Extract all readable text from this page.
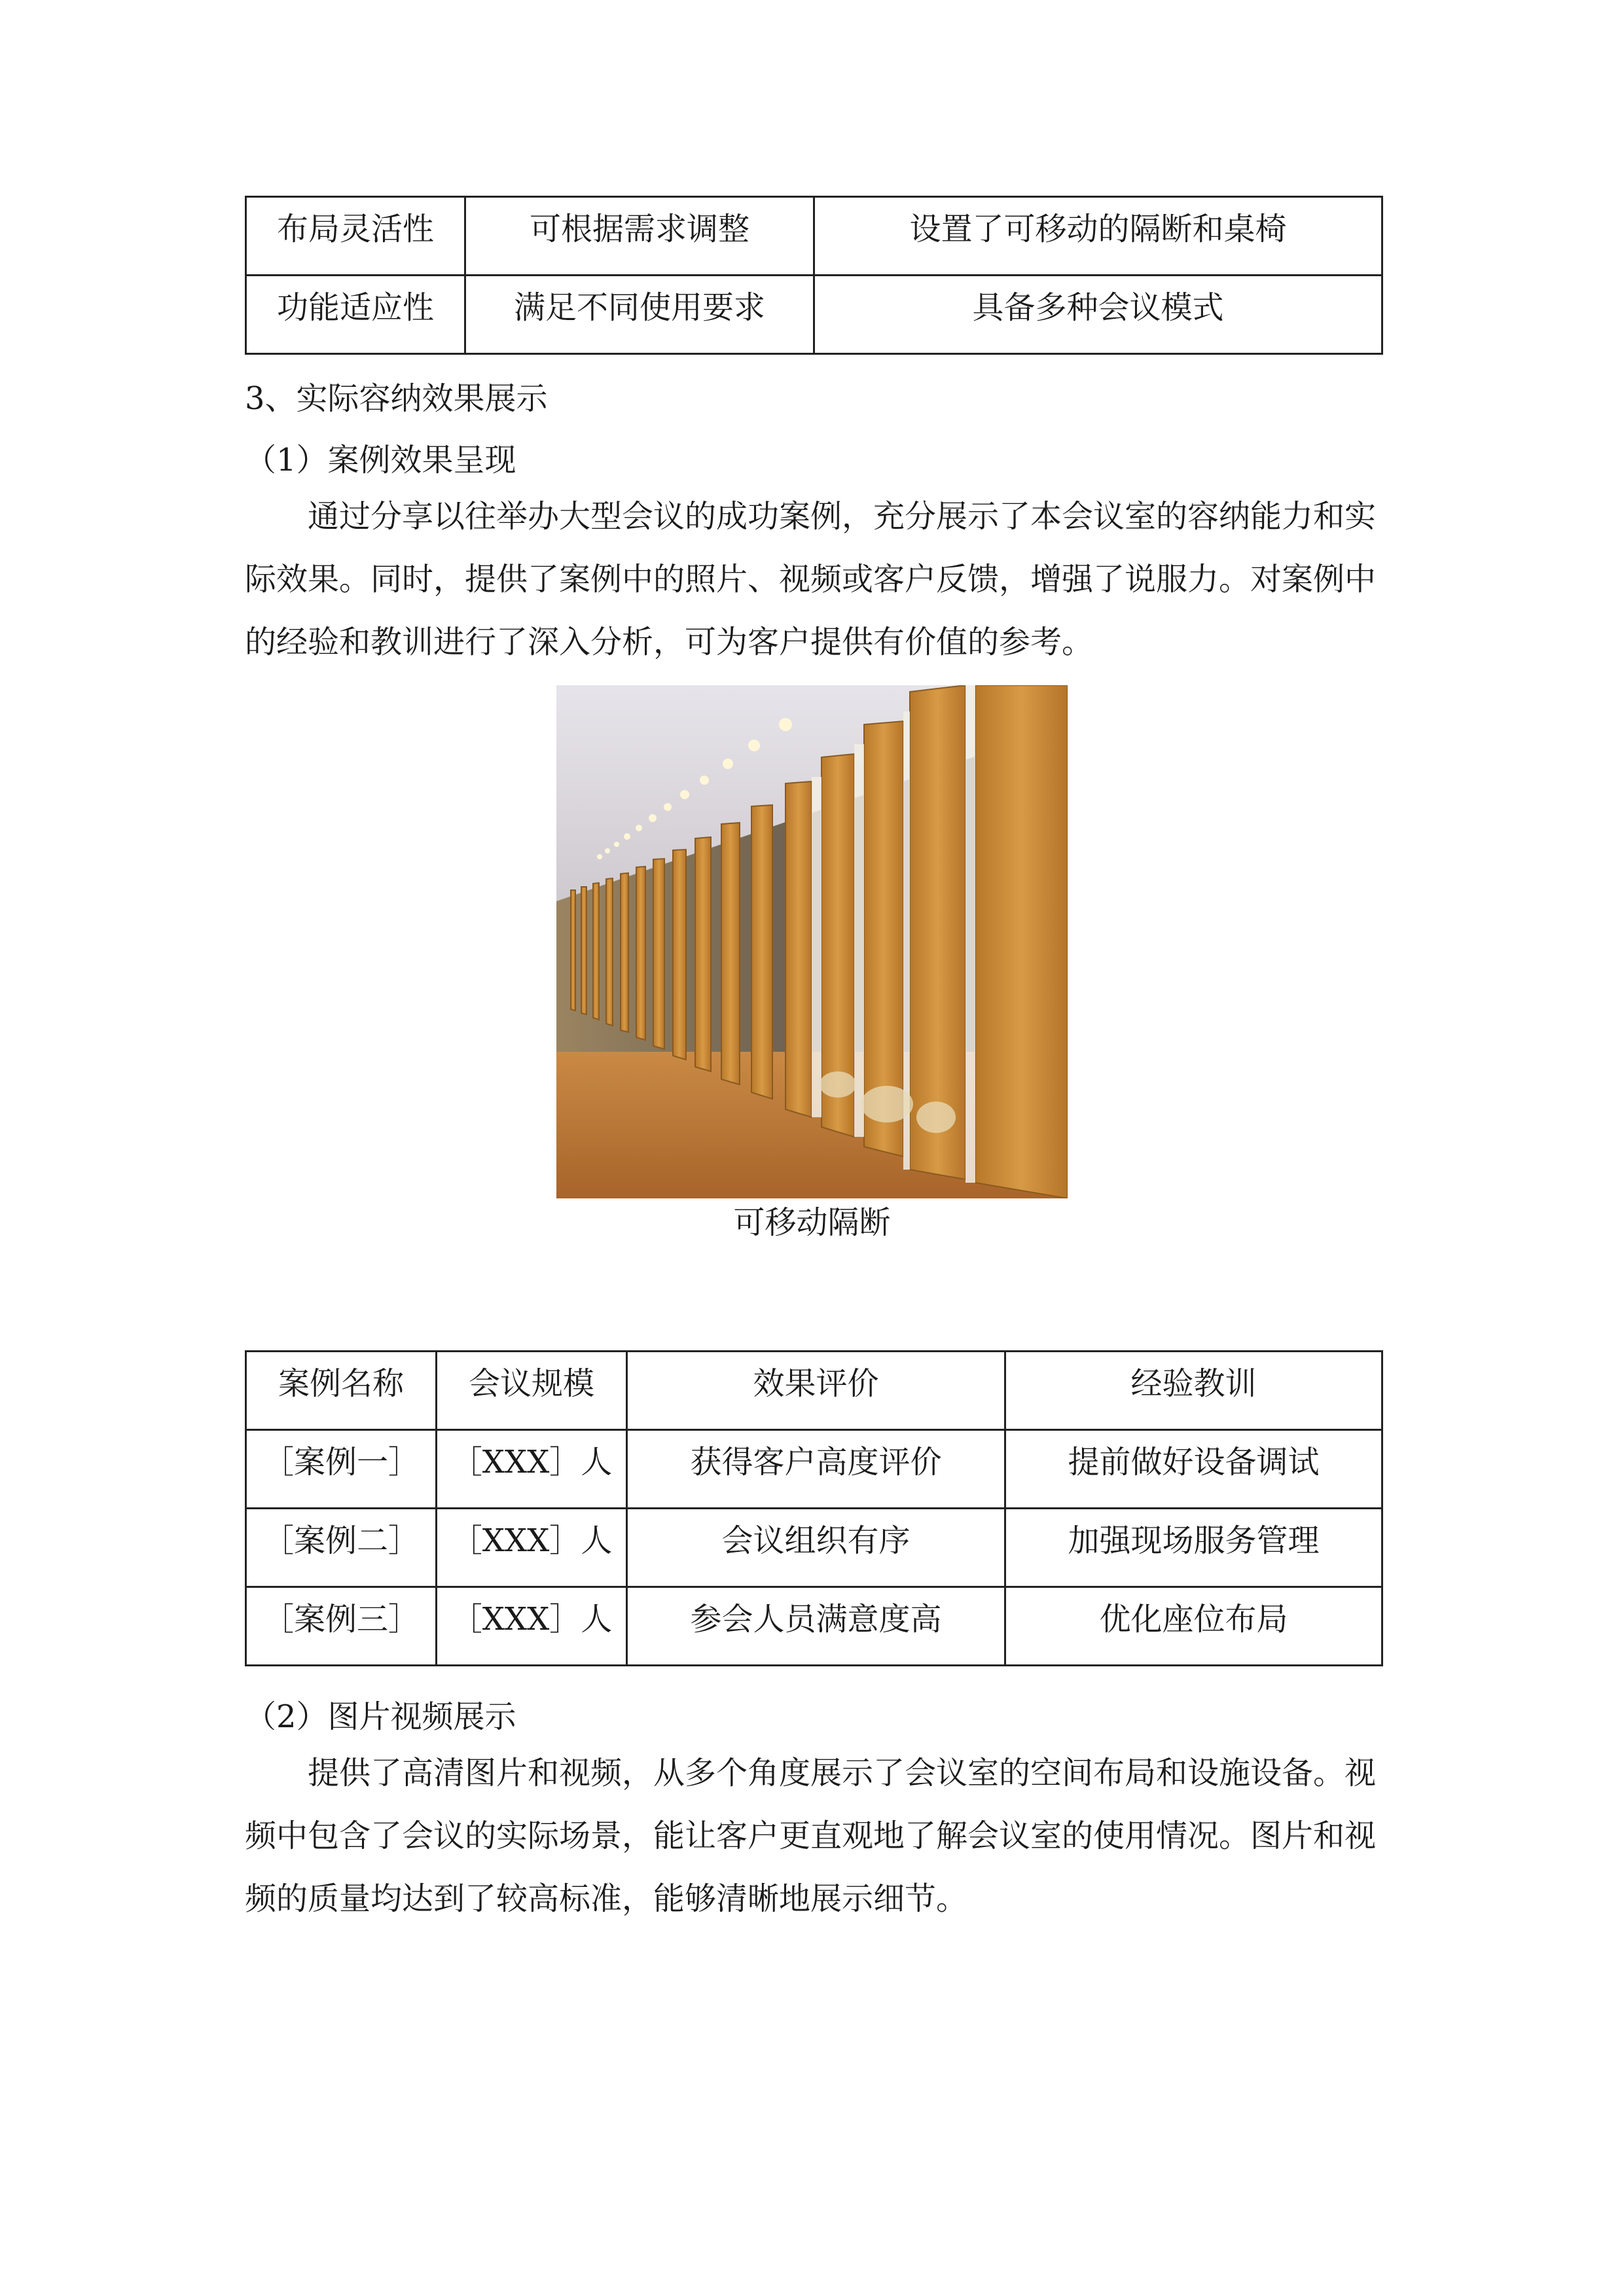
布局灵活性	可根据需求调整	设置了可移动的隔断和桌椅
功能适应性	满足不同使用要求	具备多种会议模式
3、实际容纳效果展示
（1）案例效果呈现

通过分享以往举办大型会议的成功案例，充分展示了本会议室的容纳能力和实际效果。同时，提供了案例中的照片、视频或客户反馈，增强了说服力。对案例中的经验和教训进行了深入分析，可为客户提供有价值的参考。

可移动隔断
案例名称	会议规模	效果评价	经验教训
［案例一］	［XXX］人	获得客户高度评价	提前做好设备调试
［案例二］	［XXX］人	会议组织有序	加强现场服务管理
［案例三］	［XXX］人	参会人员满意度高	优化座位布局
（2）图片视频展示

提供了高清图片和视频，从多个角度展示了会议室的空间布局和设施设备。视频中包含了会议的实际场景，能让客户更直观地了解会议室的使用情况。图片和视频的质量均达到了较高标准，能够清晰地展示细节。
